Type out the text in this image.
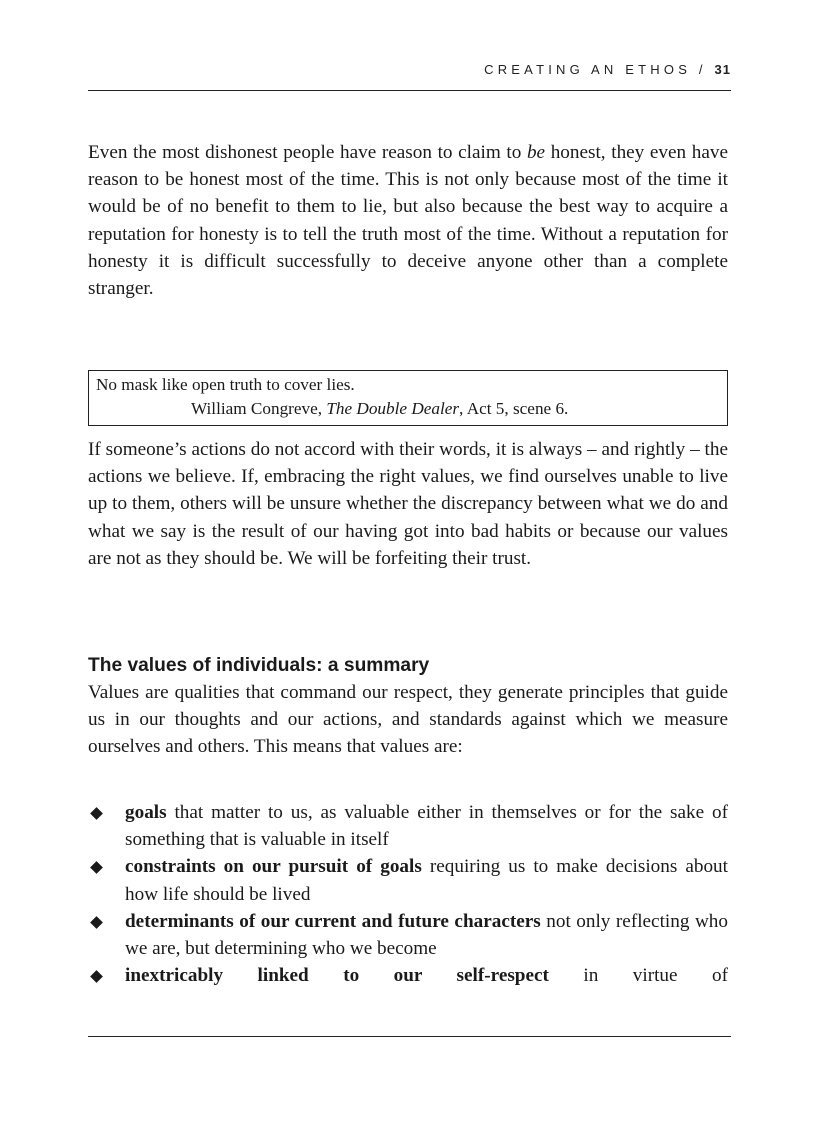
CREATING AN ETHOS / 31

Even the most dishonest people have reason to claim to be honest, they even have reason to be honest most of the time. This is not only because most of the time it would be of no benefit to them to lie, but also because the best way to acquire a reputation for honesty is to tell the truth most of the time. Without a reputation for honesty it is difficult successfully to deceive anyone other than a complete stranger.

No mask like open truth to cover lies.
William Congreve, The Double Dealer, Act 5, scene 6.

If someone’s actions do not accord with their words, it is always – and rightly – the actions we believe. If, embracing the right values, we find ourselves unable to live up to them, others will be unsure whether the discrepancy between what we do and what we say is the result of our having got into bad habits or because our values are not as they should be. We will be forfeiting their trust.

The values of individuals: a summary

Values are qualities that command our respect, they generate principles that guide us in our thoughts and our actions, and standards against which we measure ourselves and others. This means that values are:

goals that matter to us, as valuable either in themselves or for the sake of something that is valuable in itself
constraints on our pursuit of goals requiring us to make decisions about how life should be lived
determinants of our current and future characters not only reflecting who we are, but determining who we become
inextricably linked to our self-respect in virtue of
